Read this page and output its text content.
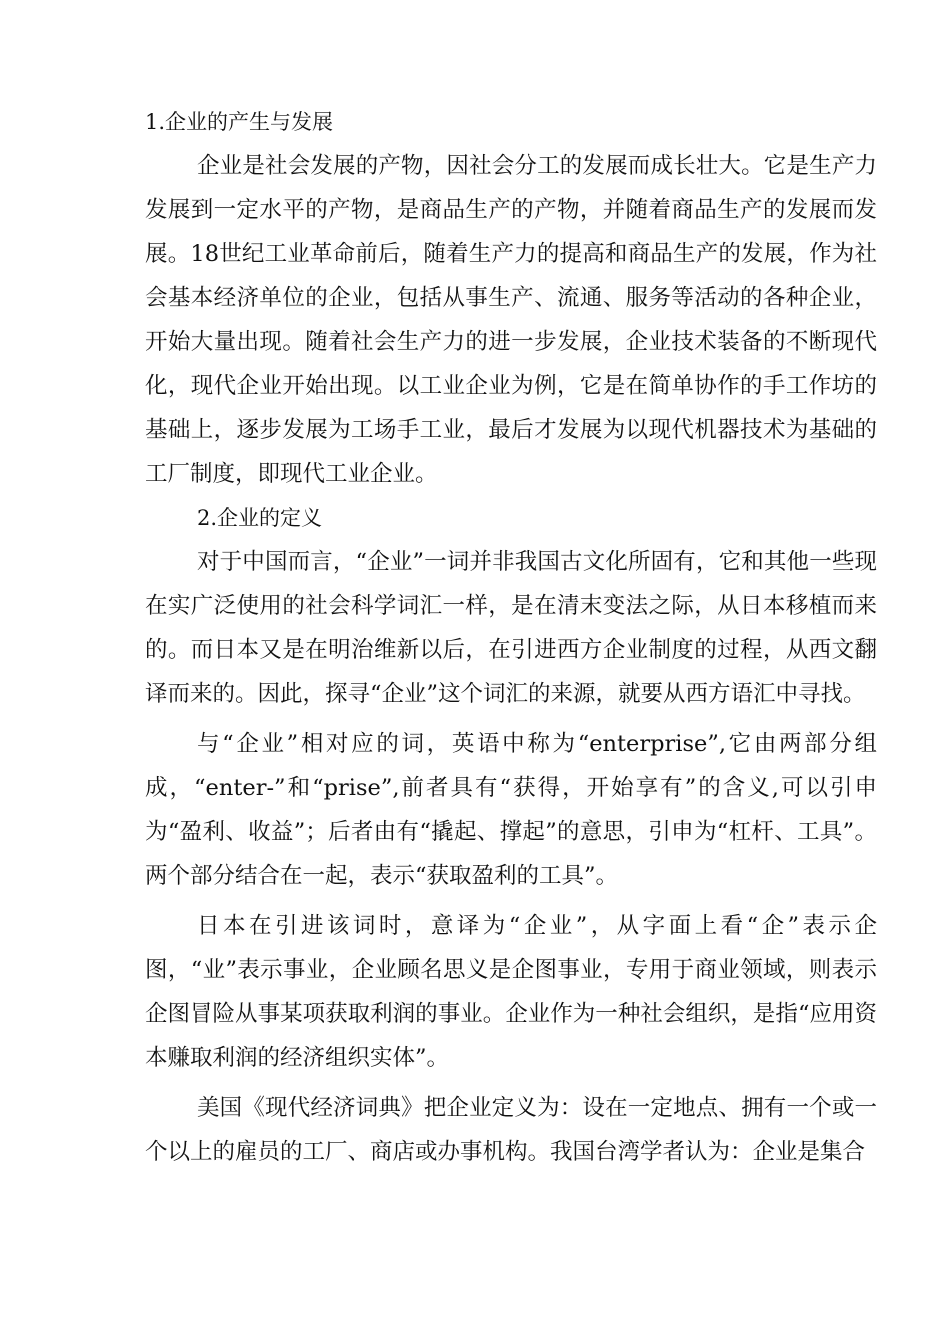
1.企业的产生与发展

企业是社会发展的产物，因社会分工的发展而成长壮大。它是生产力发展到一定水平的产物，是商品生产的产物，并随着商品生产的发展而发展。18世纪工业革命前后，随着生产力的提高和商品生产的发展，作为社会基本经济单位的企业，包括从事生产、流通、服务等活动的各种企业，开始大量出现。随着社会生产力的进一步发展，企业技术装备的不断现代化，现代企业开始出现。以工业企业为例，它是在简单协作的手工作坊的基础上，逐步发展为工场手工业，最后才发展为以现代机器技术为基础的工厂制度，即现代工业企业。

2.企业的定义

对于中国而言，“企业”一词并非我国古文化所固有，它和其他一些现在实广泛使用的社会科学词汇一样，是在清末变法之际，从日本移植而来的。而日本又是在明治维新以后，在引进西方企业制度的过程，从西文翻译而来的。因此，探寻“企业”这个词汇的来源，就要从西方语汇中寻找。

与“企业”相对应的词，英语中称为“enterprise”,它由两部分组成，“enter-”和“prise”,前者具有“获得，开始享有”的含义,可以引申为“盈利、收益”；后者由有“撬起、撑起”的意思，引申为“杠杆、工具”。两个部分结合在一起，表示“获取盈利的工具”。

日本在引进该词时，意译为“企业”，从字面上看“企”表示企图，“业”表示事业，企业顾名思义是企图事业，专用于商业领域，则表示企图冒险从事某项获取利润的事业。企业作为一种社会组织，是指“应用资本赚取利润的经济组织实体”。

美国《现代经济词典》把企业定义为：设在一定地点、拥有一个或一个以上的雇员的工厂、商店或办事机构。我国台湾学者认为：企业是集合
